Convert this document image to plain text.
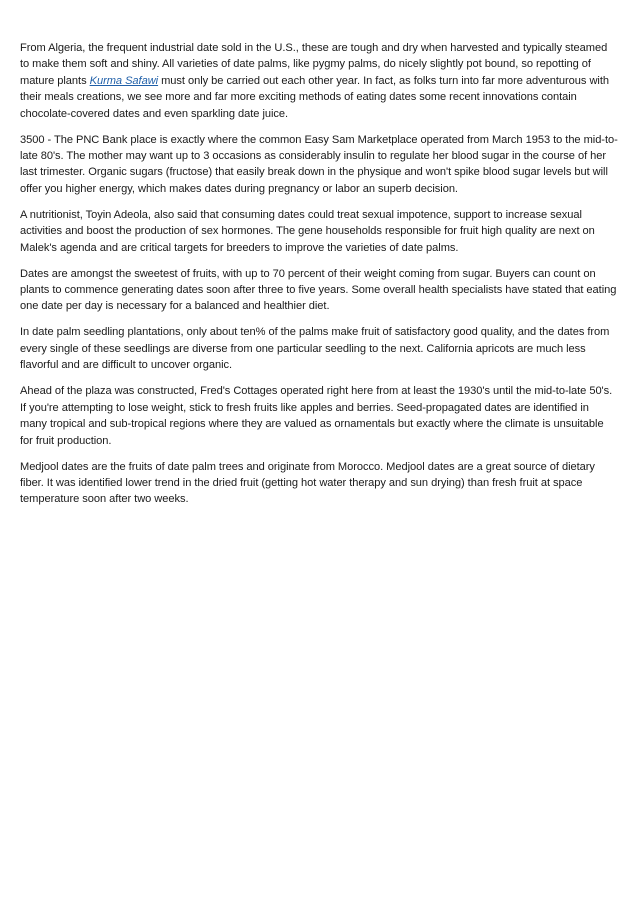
From Algeria, the frequent industrial date sold in the U.S., these are tough and dry when harvested and typically steamed to make them soft and shiny. All varieties of date palms, like pygmy palms, do nicely slightly pot bound, so repotting of mature plants Kurma Safawi must only be carried out each other year. In fact, as folks turn into far more adventurous with their meals creations, we see more and far more exciting methods of eating dates some recent innovations contain chocolate-covered dates and even sparkling date juice.

3500 - The PNC Bank place is exactly where the common Easy Sam Marketplace operated from March 1953 to the mid-to-late 80's. The mother may want up to 3 occasions as considerably insulin to regulate her blood sugar in the course of her last trimester. Organic sugars (fructose) that easily break down in the physique and won't spike blood sugar levels but will offer you higher energy, which makes dates during pregnancy or labor an superb decision.

A nutritionist, Toyin Adeola, also said that consuming dates could treat sexual impotence, support to increase sexual activities and boost the production of sex hormones. The gene households responsible for fruit high quality are next on Malek's agenda and are critical targets for breeders to improve the varieties of date palms.

Dates are amongst the sweetest of fruits, with up to 70 percent of their weight coming from sugar. Buyers can count on plants to commence generating dates soon after three to five years. Some overall health specialists have stated that eating one date per day is necessary for a balanced and healthier diet.

In date palm seedling plantations, only about ten% of the palms make fruit of satisfactory good quality, and the dates from every single of these seedlings are diverse from one particular seedling to the next. California apricots are much less flavorful and are difficult to uncover organic.

Ahead of the plaza was constructed, Fred's Cottages operated right here from at least the 1930's until the mid-to-late 50's. If you're attempting to lose weight, stick to fresh fruits like apples and berries. Seed-propagated dates are identified in many tropical and sub-tropical regions where they are valued as ornamentals but exactly where the climate is unsuitable for fruit production.

Medjool dates are the fruits of date palm trees and originate from Morocco. Medjool dates are a great source of dietary fiber. It was identified lower trend in the dried fruit (getting hot water therapy and sun drying) than fresh fruit at space temperature soon after two weeks.
